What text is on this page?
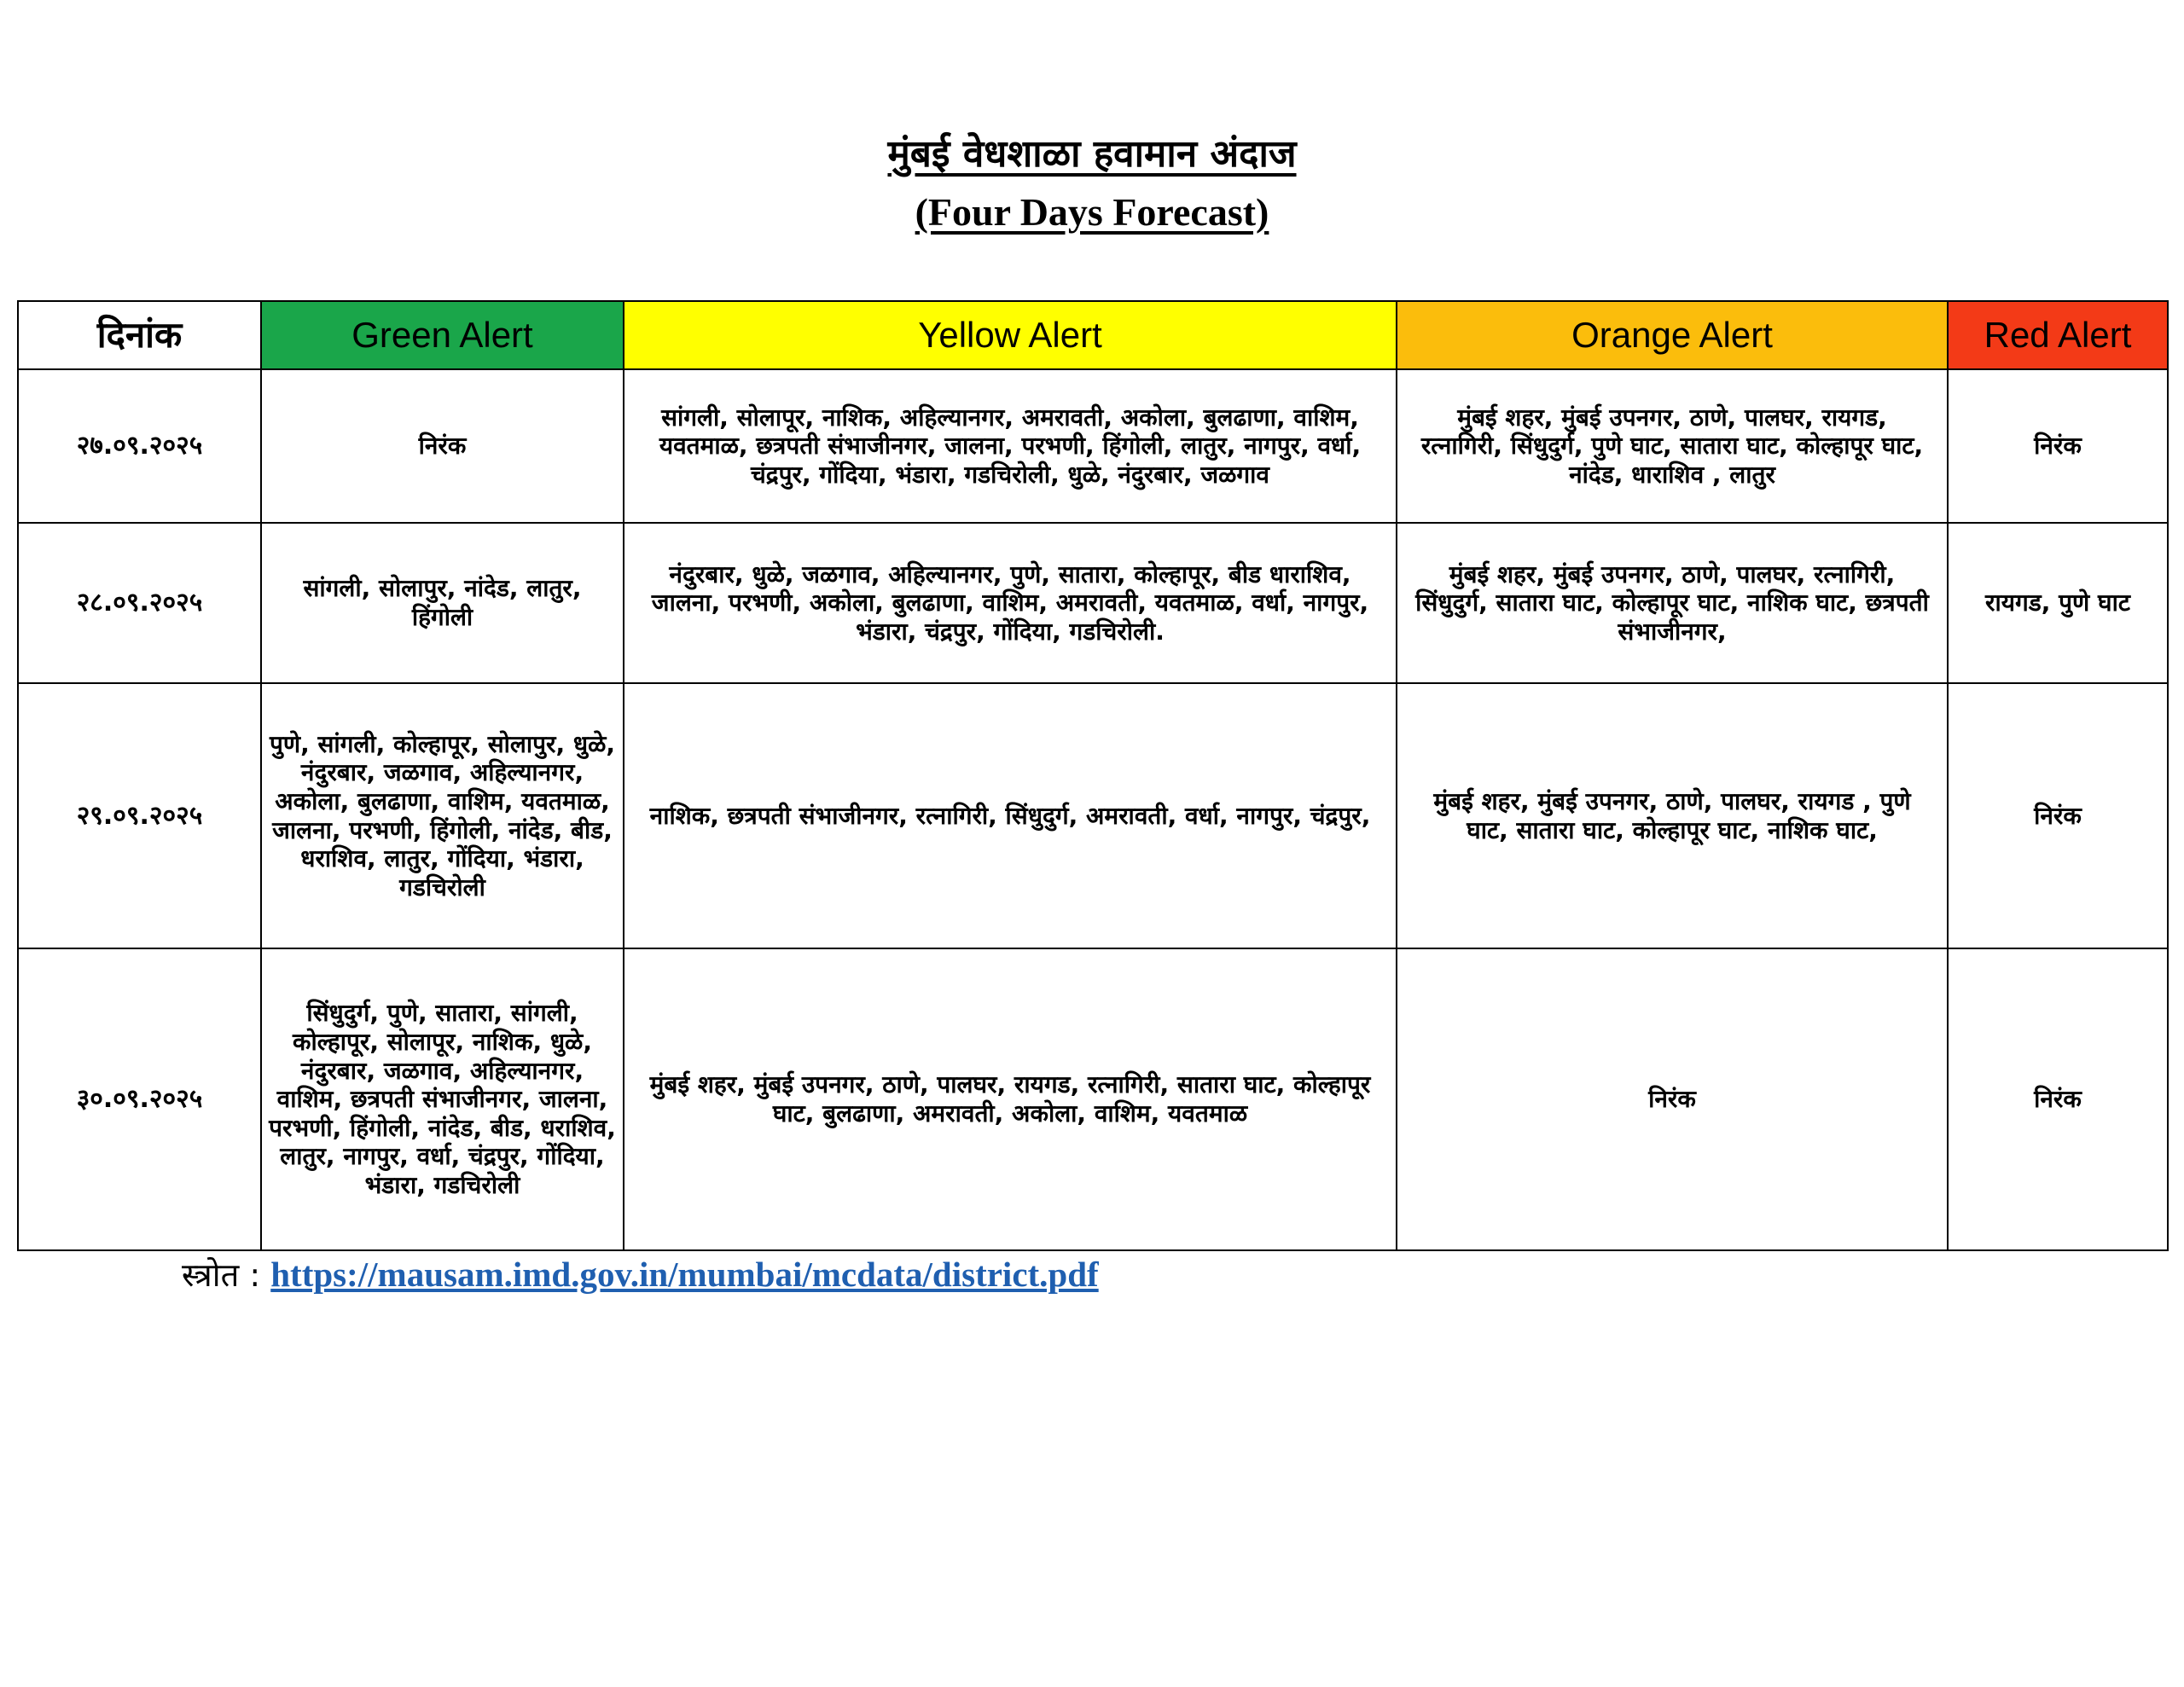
मुंबई वेधशाळा हवामान अंदाज
(Four Days Forecast)
दिनांक	Green Alert	Yellow Alert	Orange Alert	Red Alert
२७.०९.२०२५	निरंक	सांगली, सोलापूर, नाशिक, अहिल्यानगर, अमरावती, अकोला, बुलढाणा, वाशिम, यवतमाळ, छत्रपती संभाजीनगर, जालना, परभणी, हिंगोली, लातुर, नागपुर, वर्धा, चंद्रपुर, गोंदिया, भंडारा, गडचिरोली, धुळे, नंदुरबार, जळगाव	मुंबई शहर, मुंबई उपनगर, ठाणे, पालघर, रायगड, रत्नागिरी, सिंधुदुर्ग, पुणे घाट, सातारा घाट, कोल्हापूर घाट, नांदेड, धाराशिव , लातुर	निरंक
२८.०९.२०२५	सांगली, सोलापुर, नांदेड, लातुर, हिंगोली	नंदुरबार, धुळे, जळगाव, अहिल्यानगर, पुणे, सातारा, कोल्हापूर, बीड धाराशिव, जालना, परभणी, अकोला, बुलढाणा, वाशिम, अमरावती, यवतमाळ, वर्धा, नागपुर, भंडारा, चंद्रपुर, गोंदिया, गडचिरोली.	मुंबई शहर, मुंबई उपनगर, ठाणे, पालघर, रत्नागिरी, सिंधुदुर्ग, सातारा घाट, कोल्हापूर घाट, नाशिक घाट, छत्रपती संभाजीनगर,	रायगड, पुणे घाट
२९.०९.२०२५	पुणे, सांगली, कोल्हापूर, सोलापुर, धुळे, नंदुरबार, जळगाव, अहिल्यानगर, अकोला, बुलढाणा, वाशिम, यवतमाळ, जालना, परभणी, हिंगोली, नांदेड, बीड, धराशिव, लातुर, गोंदिया, भंडारा, गडचिरोली	नाशिक, छत्रपती संभाजीनगर, रत्नागिरी, सिंधुदुर्ग, अमरावती, वर्धा, नागपुर, चंद्रपुर,	मुंबई शहर, मुंबई उपनगर, ठाणे, पालघर, रायगड , पुणे घाट, सातारा घाट, कोल्हापूर घाट, नाशिक घाट,	निरंक
३०.०९.२०२५	सिंधुदुर्ग, पुणे, सातारा, सांगली, कोल्हापूर, सोलापूर, नाशिक, धुळे, नंदुरबार, जळगाव, अहिल्यानगर, वाशिम, छत्रपती संभाजीनगर, जालना, परभणी, हिंगोली, नांदेड, बीड, धराशिव, लातुर, नागपुर, वर्धा, चंद्रपुर, गोंदिया, भंडारा, गडचिरोली	मुंबई शहर, मुंबई उपनगर, ठाणे, पालघर, रायगड, रत्नागिरी, सातारा घाट, कोल्हापूर घाट, बुलढाणा, अमरावती, अकोला, वाशिम, यवतमाळ	निरंक	निरंक
स्त्रोत : https://mausam.imd.gov.in/mumbai/mcdata/district.pdf
